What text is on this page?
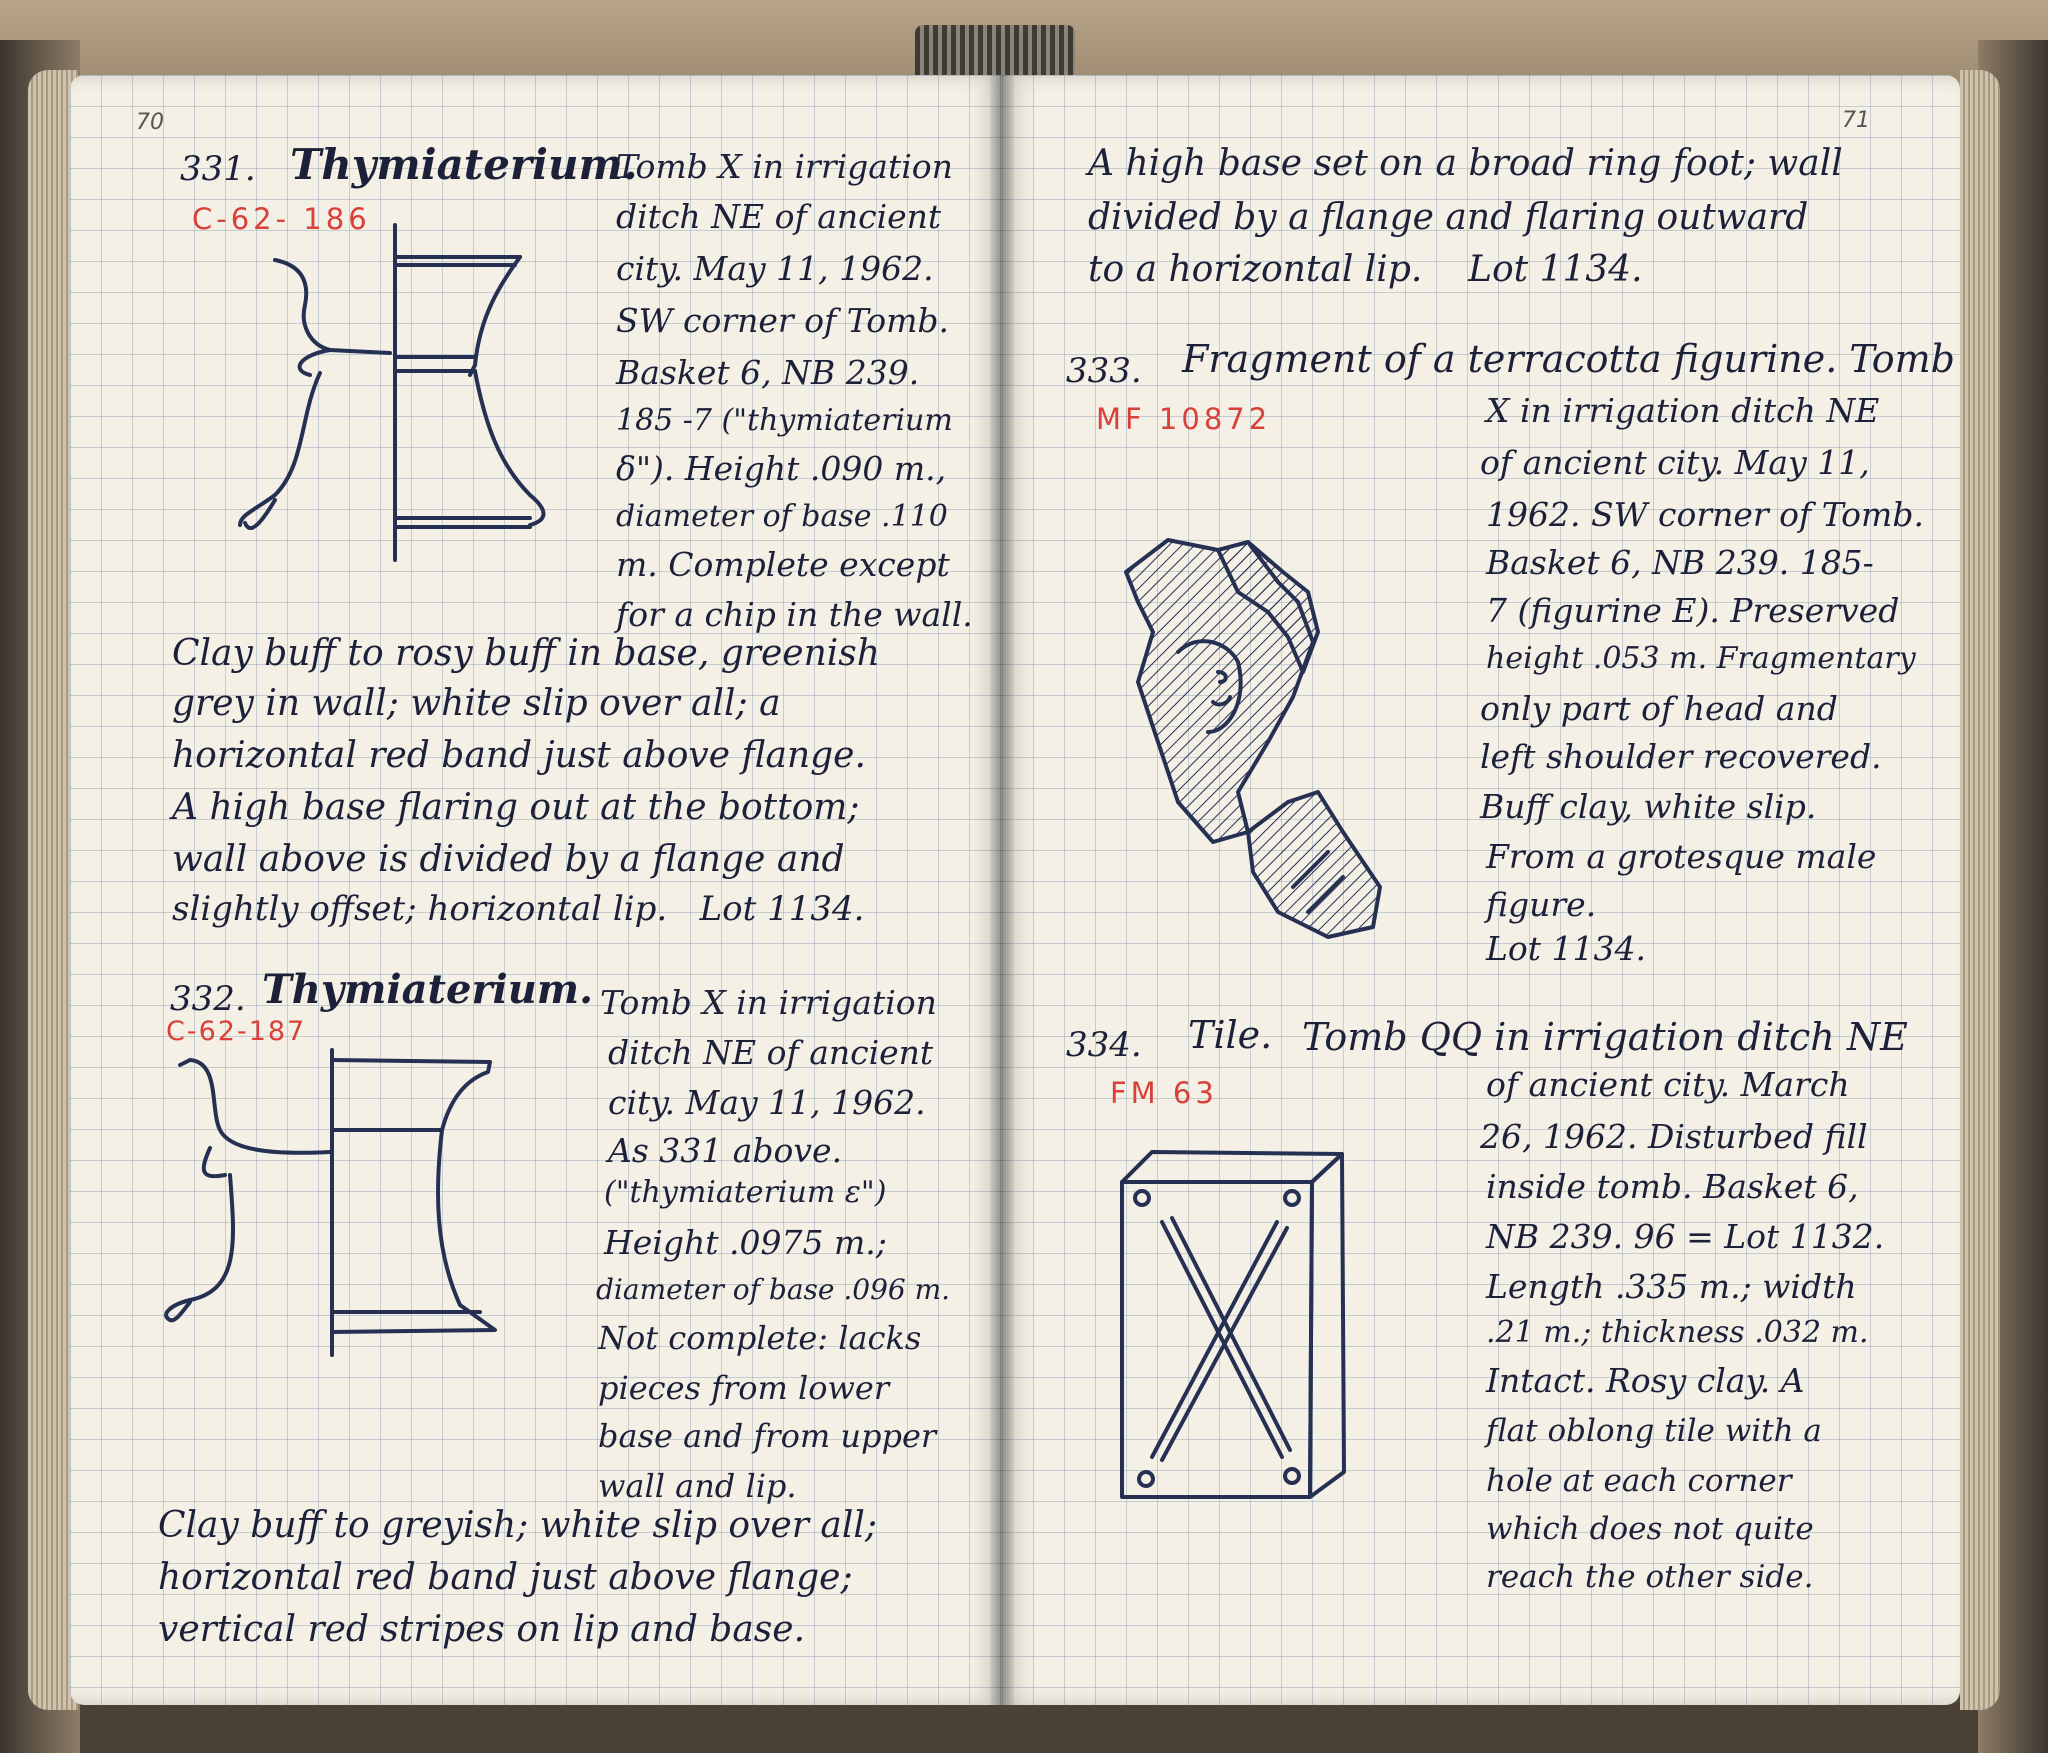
70	71
331. Thymiaterium.
C-62- 186
Tomb X in irrigation
ditch NE of ancient
city. May 11, 1962.
SW corner of Tomb.
Basket 6, NB 239.
185 -7 ("thymiaterium
δ"). Height .090 m.,
diameter of base .110
m. Complete except
for a chip in the wall.
Clay buff to rosy buff in base, greenish
grey in wall; white slip over all; a
horizontal red band just above flange.
A high base flaring out at the bottom;
wall above is divided by a flange and
slightly offset; horizontal lip.   Lot 1134.
332. Thymiaterium.
C-62-187
Tomb X in irrigation
ditch NE of ancient
city. May 11, 1962.
As 331 above.
("thymiaterium ε")
Height .0975 m.;
diameter of base .096 m.
Not complete: lacks
pieces from lower
base and from upper
wall and lip.
Clay buff to greyish; white slip over all;
horizontal red band just above flange;
vertical red stripes on lip and base.
A high base set on a broad ring foot; wall
divided by a flange and flaring outward
to a horizontal lip.    Lot 1134.
333. Fragment of a terracotta figurine. Tomb
MF 10872	X in irrigation ditch NE
of ancient city. May 11,
1962. SW corner of Tomb.
Basket 6, NB 239. 185-
7 (figurine E). Preserved
height .053 m. Fragmentary
only part of head and
left shoulder recovered.
Buff clay, white slip.
From a grotesque male
figure.
Lot 1134.
334. Tile. Tomb QQ in irrigation ditch NE
FM 63	of ancient city. March
26, 1962. Disturbed fill
inside tomb. Basket 6,
NB 239. 96 = Lot 1132.
Length .335 m.; width
.21 m.; thickness .032 m.
Intact. Rosy clay. A
flat oblong tile with a
hole at each corner
which does not quite
reach the other side.
